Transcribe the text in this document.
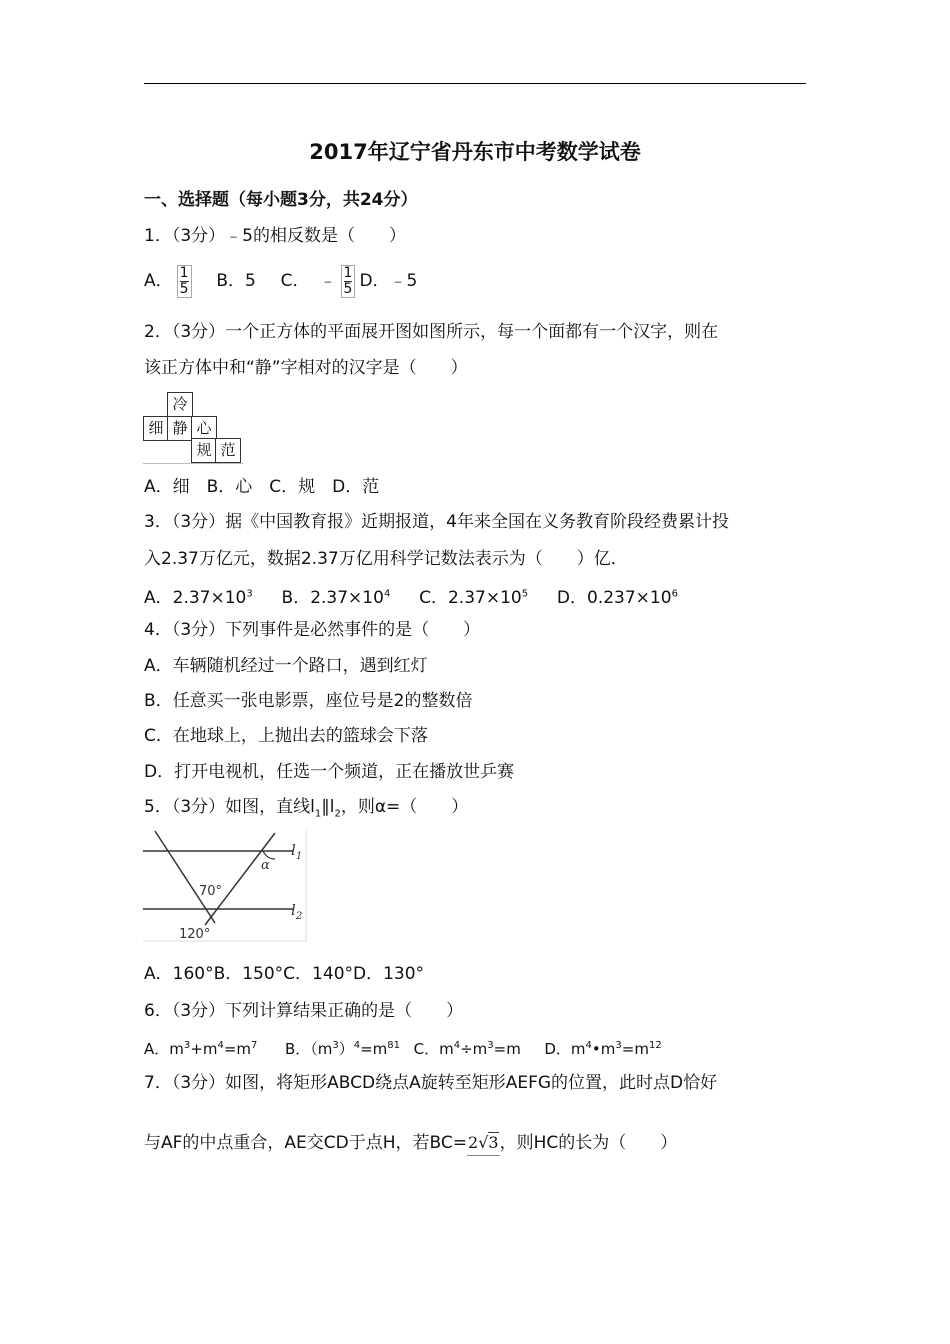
2017年辽宁省丹东市中考数学试卷
一、选择题（每小题3分，共24分）
1．（3分）﹣5的相反数是（　　）
A． $\frac{1}{5}$ B．5 C． ﹣ $\frac{1}{5}$ D．﹣5
2．（3分）一个正方体的平面展开图如图所示，每一个面都有一个汉字，则在
该正方体中和“静”字相对的汉字是（　　）
冷
细 静 心
规 范
A．细　B．心　C．规　D．范
3．（3分）据《中国教育报》近期报道，4年来全国在义务教育阶段经费累计投
入2.37万亿元，数据2.37万亿用科学记数法表示为（　　）亿．
A．$2.37\times 10^3$ B．$2.37\times 10^4$ C．$2.37\times 10^5$ D．$0.237\times 10^6$
4．（3分）下列事件是必然事件的是（　　）
A．车辆随机经过一个路口，遇到红灯
B．任意买一张电影票，座位号是2的整数倍
C．在地球上，上抛出去的篮球会下落
D．打开电视机，任选一个频道，正在播放世乒赛
5．（3分）如图，直线$l_1\parallel l_2$，则α=（　　）
$l_1$
$l_2$
α
70°
120°
A．160°B．150°C．140°D．130°
6．（3分）下列计算结果正确的是（　　）
A．$m^3+m^4=m^7$ B．$(m^3)^4=m^{81}$ C．$m^4\div m^3=m$ D．$m^4•m^3=m^{12}$
7．（3分）如图，将矩形ABCD绕点A旋转至矩形AEFG的位置，此时点D恰好
与AF的中点重合，AE交CD于点H，若BC=2√3，则HC的长为（　　）
